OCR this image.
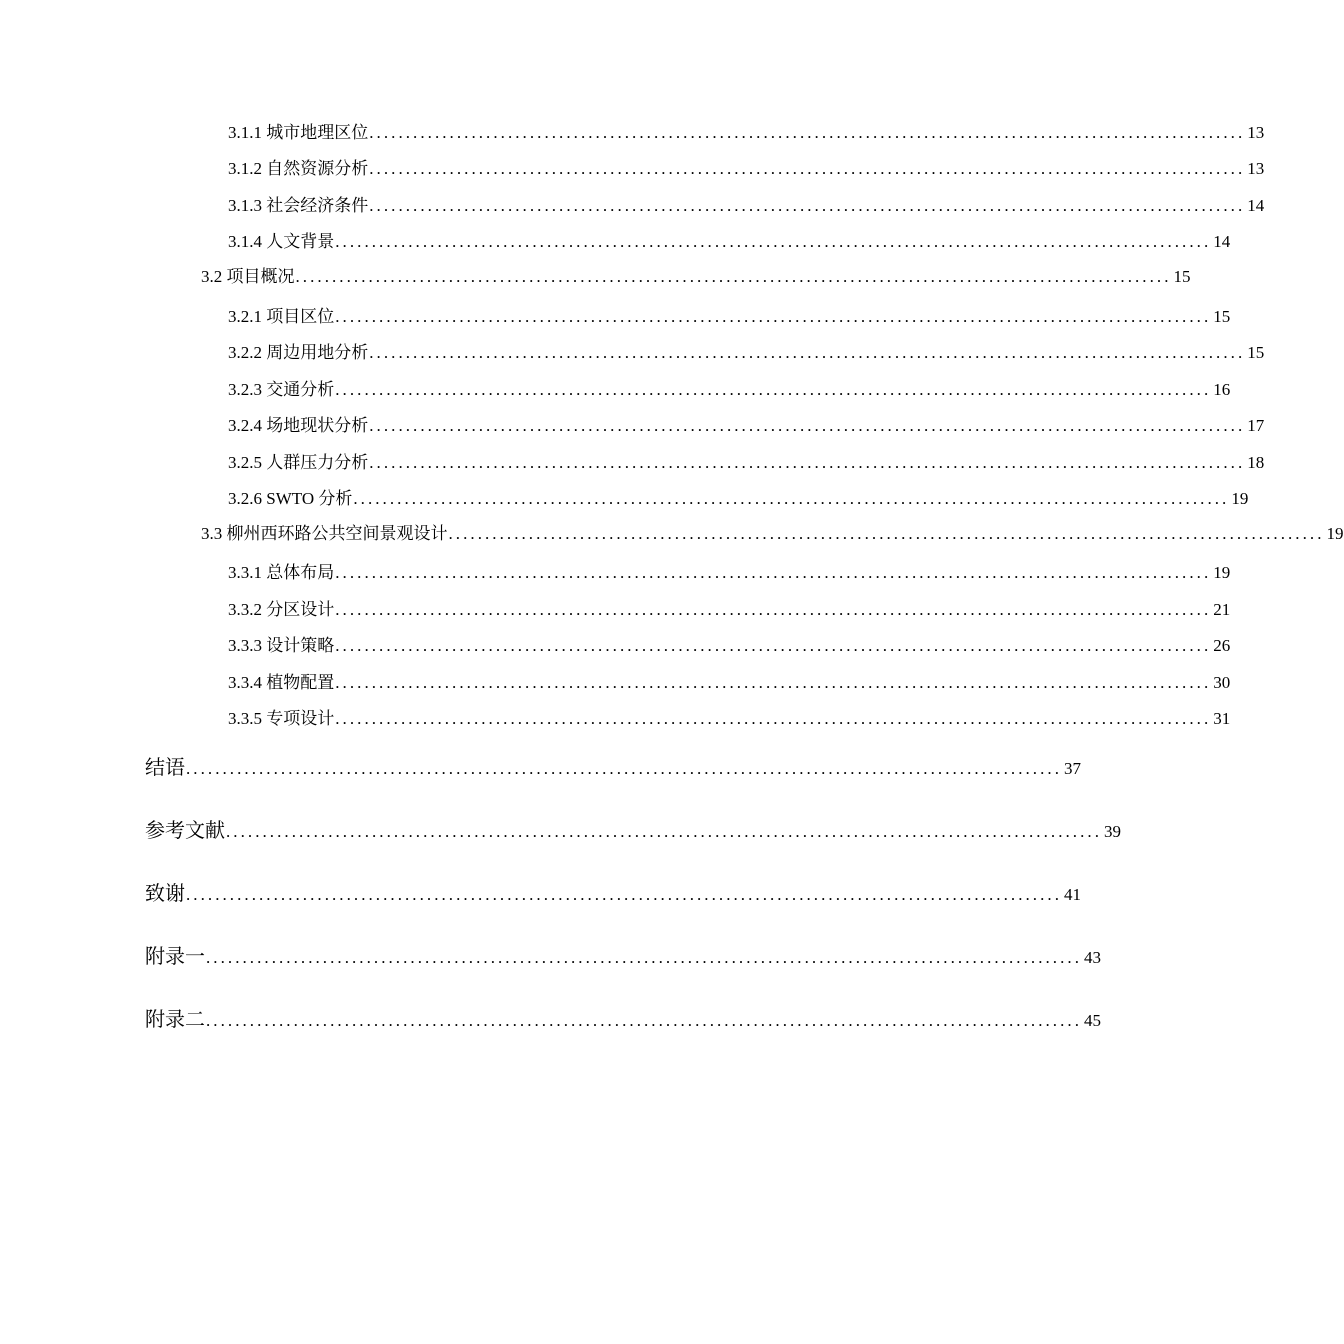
3.1.1 城市地理区位 ........................................................................................................................ 13
3.1.2 自然资源分析 ........................................................................................................................ 13
3.1.3 社会经济条件 ........................................................................................................................ 14
3.1.4 人文背景 ........................................................................................................................ 14
3.2 项目概况 ........................................................................................................................ 15
3.2.1 项目区位 ........................................................................................................................ 15
3.2.2 周边用地分析 ........................................................................................................................ 15
3.2.3 交通分析 ........................................................................................................................ 16
3.2.4 场地现状分析 ........................................................................................................................ 17
3.2.5 人群压力分析 ........................................................................................................................ 18
3.2.6 SWTO 分析 ........................................................................................................................ 19
3.3 柳州西环路公共空间景观设计 ........................................................................................................................ 19
3.3.1 总体布局 ........................................................................................................................ 19
3.3.2 分区设计 ........................................................................................................................ 21
3.3.3 设计策略 ........................................................................................................................ 26
3.3.4 植物配置 ........................................................................................................................ 30
3.3.5 专项设计 ........................................................................................................................ 31
结语 ........................................................................................................................ 37
参考文献 ........................................................................................................................ 39
致谢 ........................................................................................................................ 41
附录一 ........................................................................................................................ 43
附录二 ........................................................................................................................ 45
